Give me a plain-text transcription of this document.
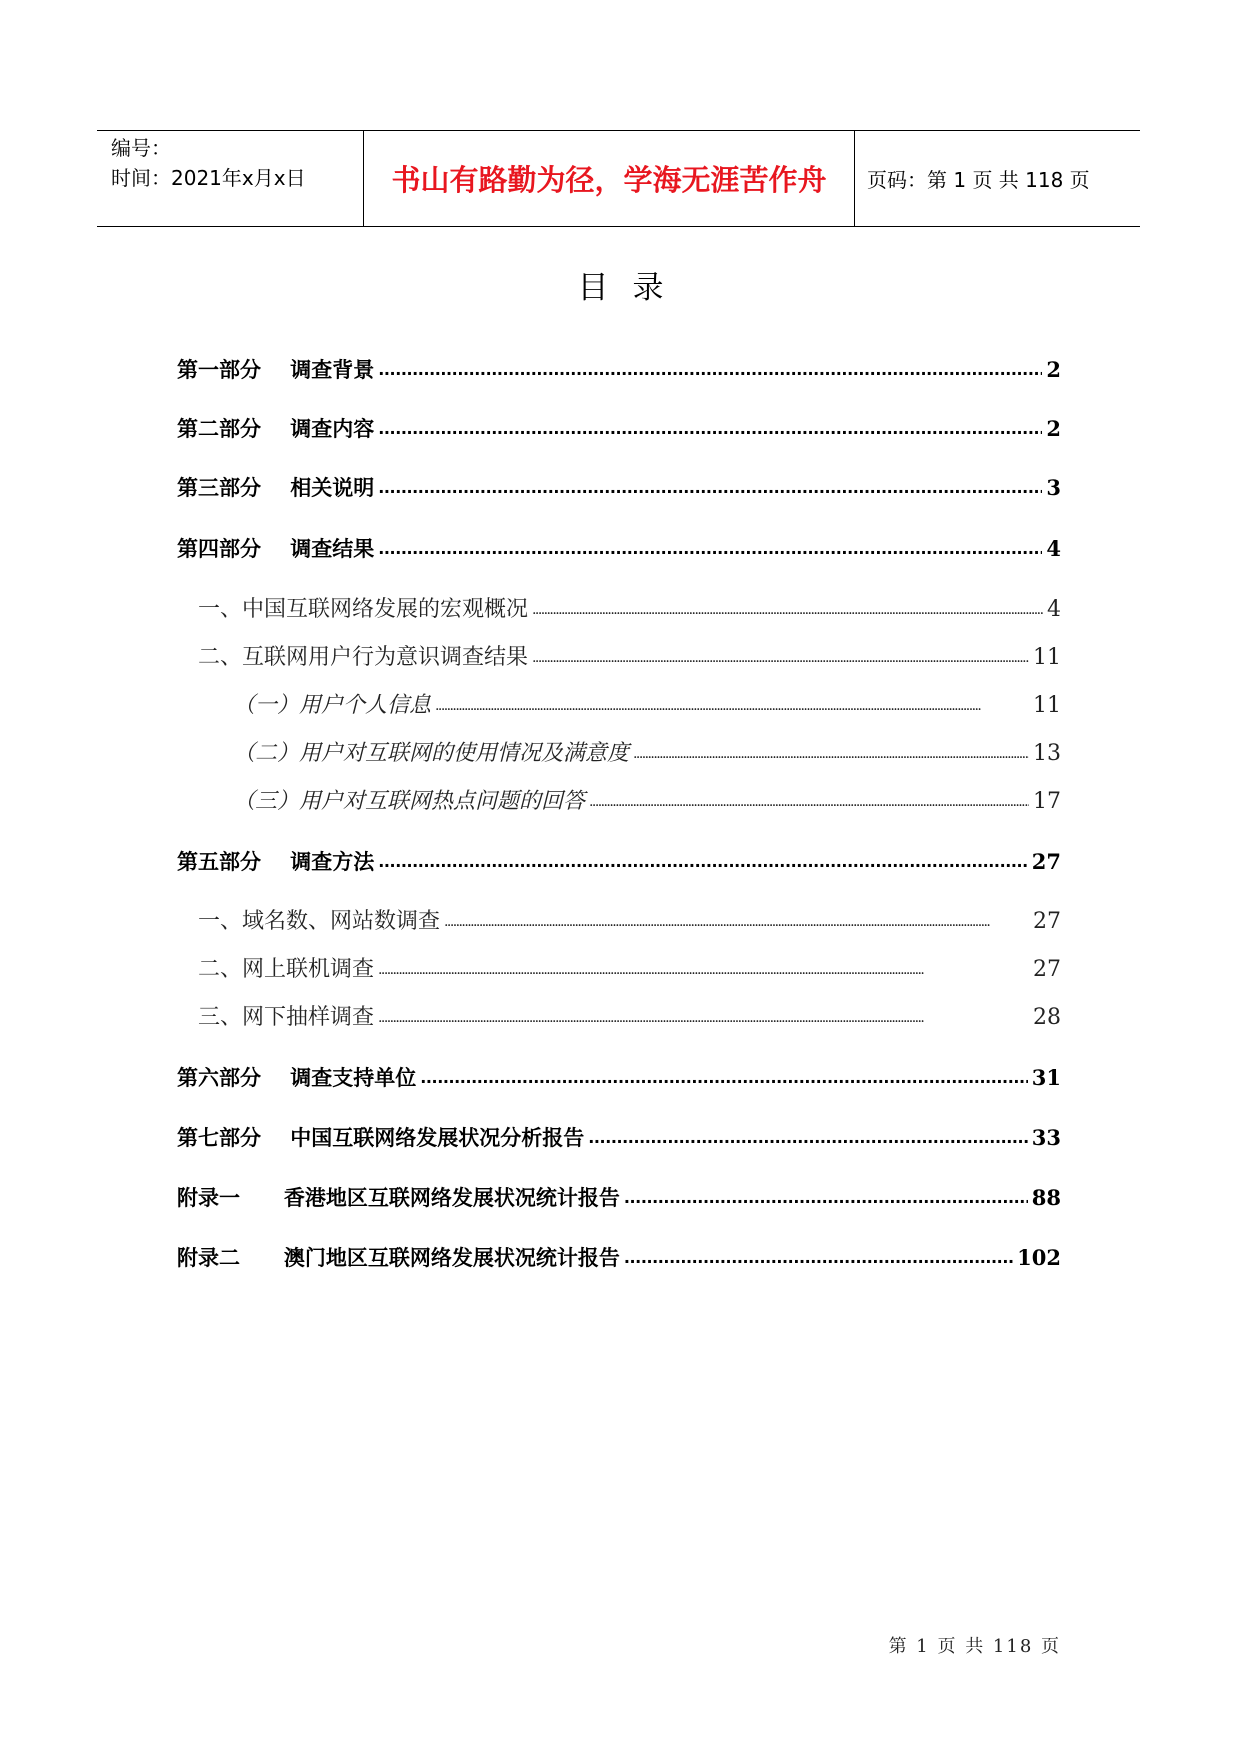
编号：
时间：2021年x月x日	书山有路勤为径，学海无涯苦作舟 页码：第 1 页 共 118 页
目录
第一部分    调查背景 . . .	2
第二部分    调查内容 . . .	2
第三部分    相关说明 . . .	3
第四部分    调查结果 . . .	4
一、中国互联网络发展的宏观概况 . . .	4
二、互联网用户行为意识调查结果 . . .	11
（一）用户个人信息 . . .	11
（二）用户对互联网的使用情况及满意度 . . .	13
（三）用户对互联网热点问题的回答 . . .	17
第五部分    调查方法 . . .	27
一、域名数、网站数调查 . . .	27
二、网上联机调查 . . .	27
三、网下抽样调查 . . .	28
第六部分    调查支持单位 . . .	31
第七部分    中国互联网络发展状况分析报告 . . .	33
附录一      香港地区互联网络发展状况统计报告 . . .	88
附录二      澳门地区互联网络发展状况统计报告 . . .	102
第 1 页 共 118 页
